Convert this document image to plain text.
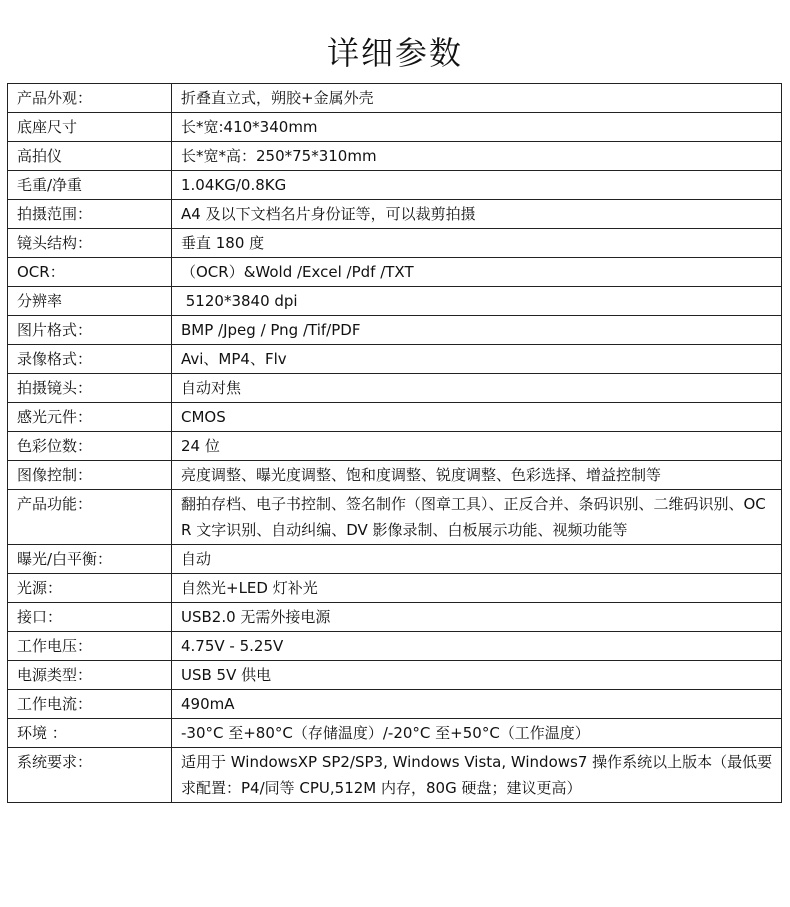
详细参数
产品外观：	折叠直立式，朔胶+金属外壳
底座尺寸	长*宽:410*340mm
高拍仪	长*宽*高：250*75*310mm
毛重/净重	1.04KG/0.8KG
拍摄范围：	A4 及以下文档名片身份证等，可以裁剪拍摄
镜头结构：	垂直 180 度
OCR：	（OCR）&Wold /Excel /Pdf /TXT
分辨率	5120*3840 dpi
图片格式：	BMP /Jpeg / Png /Tif/PDF
录像格式：	Avi、MP4、Flv
拍摄镜头：	自动对焦
感光元件：	CMOS
色彩位数：	24 位
图像控制：	亮度调整、曝光度调整、饱和度调整、锐度调整、色彩选择、增益控制等
产品功能：	翻拍存档、电子书控制、签名制作（图章工具）、正反合并、条码识别、二维码识别、OCR 文字识别、自动纠编、DV 影像录制、白板展示功能、视频功能等
曝光/白平衡：	自动
光源：	自然光+LED 灯补光
接口：	USB2.0 无需外接电源
工作电压：	4.75V - 5.25V
电源类型：	USB 5V 供电
工作电流：	490mA
环境 ：	-30°C 至+80°C（存储温度）/-20°C 至+50°C（工作温度）
系统要求：	适用于 WindowsXP SP2/SP3, Windows Vista, Windows7 操作系统以上版本（最低要求配置：P4/同等 CPU,512M 内存，80G 硬盘；建议更高）
